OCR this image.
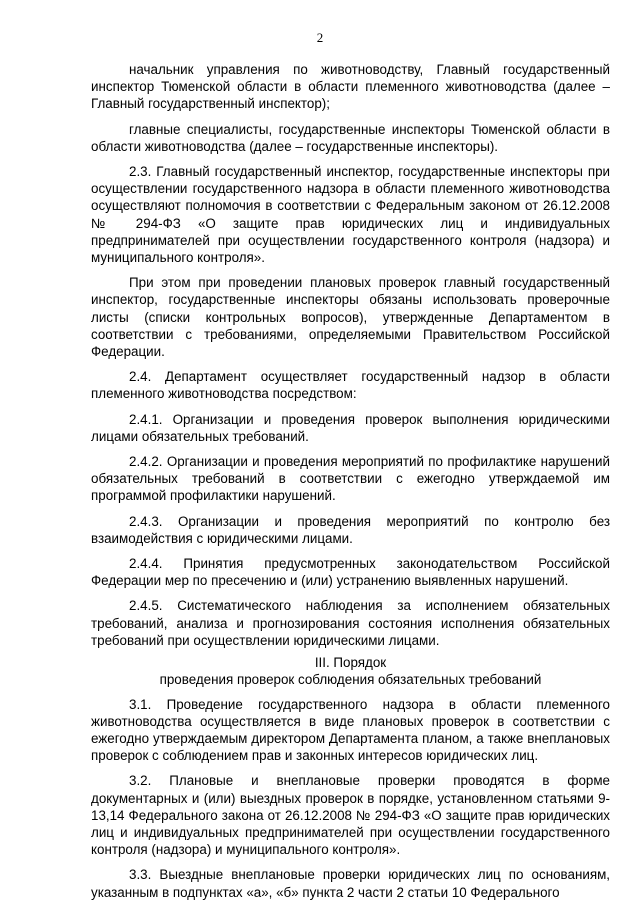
2

начальник управления по животноводству, Главный государственный инспектор Тюменской области в области племенного животноводства (далее – Главный государственный инспектор);

главные специалисты, государственные инспекторы Тюменской области в области животноводства (далее – государственные инспекторы).

2.3. Главный государственный инспектор, государственные инспекторы при осуществлении государственного надзора в области племенного животноводства осуществляют полномочия в соответствии с Федеральным законом от 26.12.2008 № 294-ФЗ «О защите прав юридических лиц и индивидуальных предпринимателей при осуществлении государственного контроля (надзора) и муниципального контроля».

При этом при проведении плановых проверок главный государственный инспектор, государственные инспекторы обязаны использовать проверочные листы (списки контрольных вопросов), утвержденные Департаментом в соответствии с требованиями, определяемыми Правительством Российской Федерации.

2.4. Департамент осуществляет государственный надзор в области племенного животноводства посредством:

2.4.1. Организации и проведения проверок выполнения юридическими лицами обязательных требований.

2.4.2. Организации и проведения мероприятий по профилактике нарушений обязательных требований в соответствии с ежегодно утверждаемой им программой профилактики нарушений.

2.4.3. Организации и проведения мероприятий по контролю без взаимодействия с юридическими лицами.

2.4.4. Принятия предусмотренных законодательством Российской Федерации мер по пресечению и (или) устранению выявленных нарушений.

2.4.5. Систематического наблюдения за исполнением обязательных требований, анализа и прогнозирования состояния исполнения обязательных требований при осуществлении юридическими лицами.

III. Порядок

проведения проверок соблюдения обязательных требований

3.1. Проведение государственного надзора в области племенного животноводства осуществляется в виде плановых проверок в соответствии с ежегодно утверждаемым директором Департамента планом, а также внеплановых проверок с соблюдением прав и законных интересов юридических лиц.

3.2. Плановые и внеплановые проверки проводятся в форме документарных и (или) выездных проверок в порядке, установленном статьями 9-13,14 Федерального закона от 26.12.2008 № 294-ФЗ «О защите прав юридических лиц и индивидуальных предпринимателей при осуществлении государственного контроля (надзора) и муниципального контроля».

3.3. Выездные внеплановые проверки юридических лиц по основаниям, указанным в подпунктах «а», «б» пункта 2 части 2 статьи 10 Федерального
